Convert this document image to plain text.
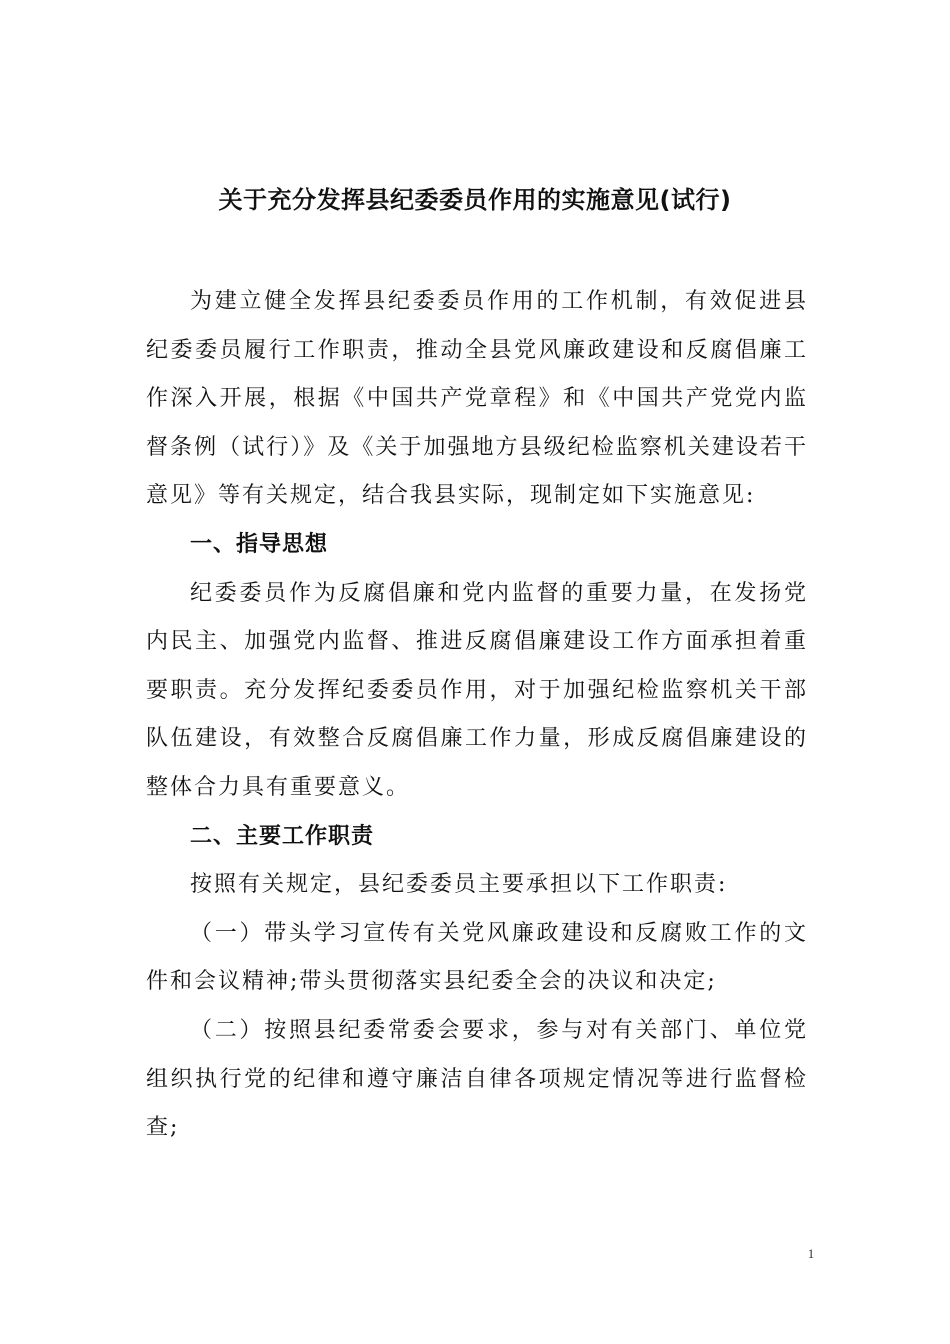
关于充分发挥县纪委委员作用的实施意见(试行)

为建立健全发挥县纪委委员作用的工作机制，有效促进县纪委委员履行工作职责，推动全县党风廉政建设和反腐倡廉工作深入开展，根据《中国共产党章程》和《中国共产党党内监督条例（试行）》及《关于加强地方县级纪检监察机关建设若干意见》等有关规定，结合我县实际，现制定如下实施意见:

一、指导思想

纪委委员作为反腐倡廉和党内监督的重要力量，在发扬党内民主、加强党内监督、推进反腐倡廉建设工作方面承担着重要职责。充分发挥纪委委员作用，对于加强纪检监察机关干部队伍建设，有效整合反腐倡廉工作力量，形成反腐倡廉建设的整体合力具有重要意义。

二、主要工作职责

按照有关规定，县纪委委员主要承担以下工作职责:

（一）带头学习宣传有关党风廉政建设和反腐败工作的文件和会议精神;带头贯彻落实县纪委全会的决议和决定;

（二）按照县纪委常委会要求，参与对有关部门、单位党组织执行党的纪律和遵守廉洁自律各项规定情况等进行监督检查;

1
